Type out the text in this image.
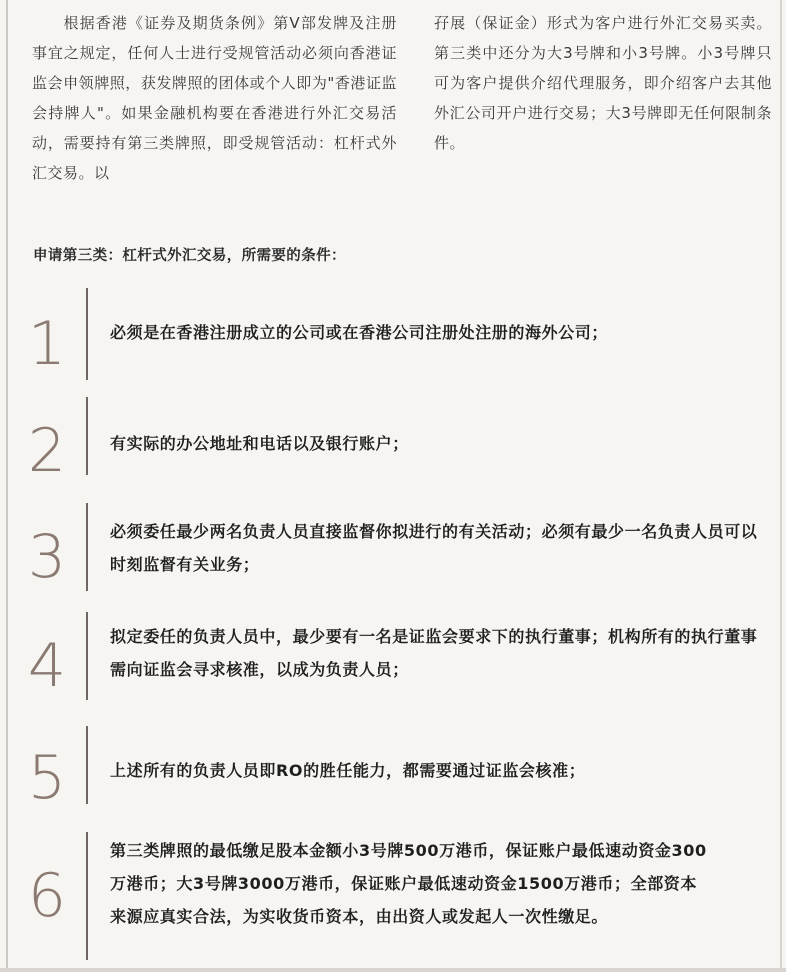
根据香港《证券及期货条例》第V部发牌及注册事宜之规定，任何人士进行受规管活动必须向香港证监会申领牌照，获发牌照的团体或个人即为"香港证监会持牌人"。如果金融机构要在香港进行外汇交易活动，需要持有第三类牌照，即受规管活动：杠杆式外汇交易。以
孖展（保证金）形式为客户进行外汇交易买卖。第三类中还分为大3号牌和小3号牌。小3号牌只可为客户提供介绍代理服务，即介绍客户去其他外汇公司开户进行交易；大3号牌即无任何限制条件。
申请第三类：杠杆式外汇交易，所需要的条件：
1	必须是在香港注册成立的公司或在香港公司注册处注册的海外公司；
2	有实际的办公地址和电话以及银行账户；
3	必须委任最少两名负责人员直接监督你拟进行的有关活动；必须有最少一名负责人员可以时刻监督有关业务；
4	拟定委任的负责人员中，最少要有一名是证监会要求下的执行董事；机构所有的执行董事需向证监会寻求核准，以成为负责人员；
5	上述所有的负责人员即RO的胜任能力，都需要通过证监会核准；
6
第三类牌照的最低缴足股本金额小3号牌500万港币，保证账户最低速动资金300万港币；大3号牌3000万港币，保证账户最低速动资金1500万港币；全部资本来源应真实合法，为实收货币资本，由出资人或发起人一次性缴足。
